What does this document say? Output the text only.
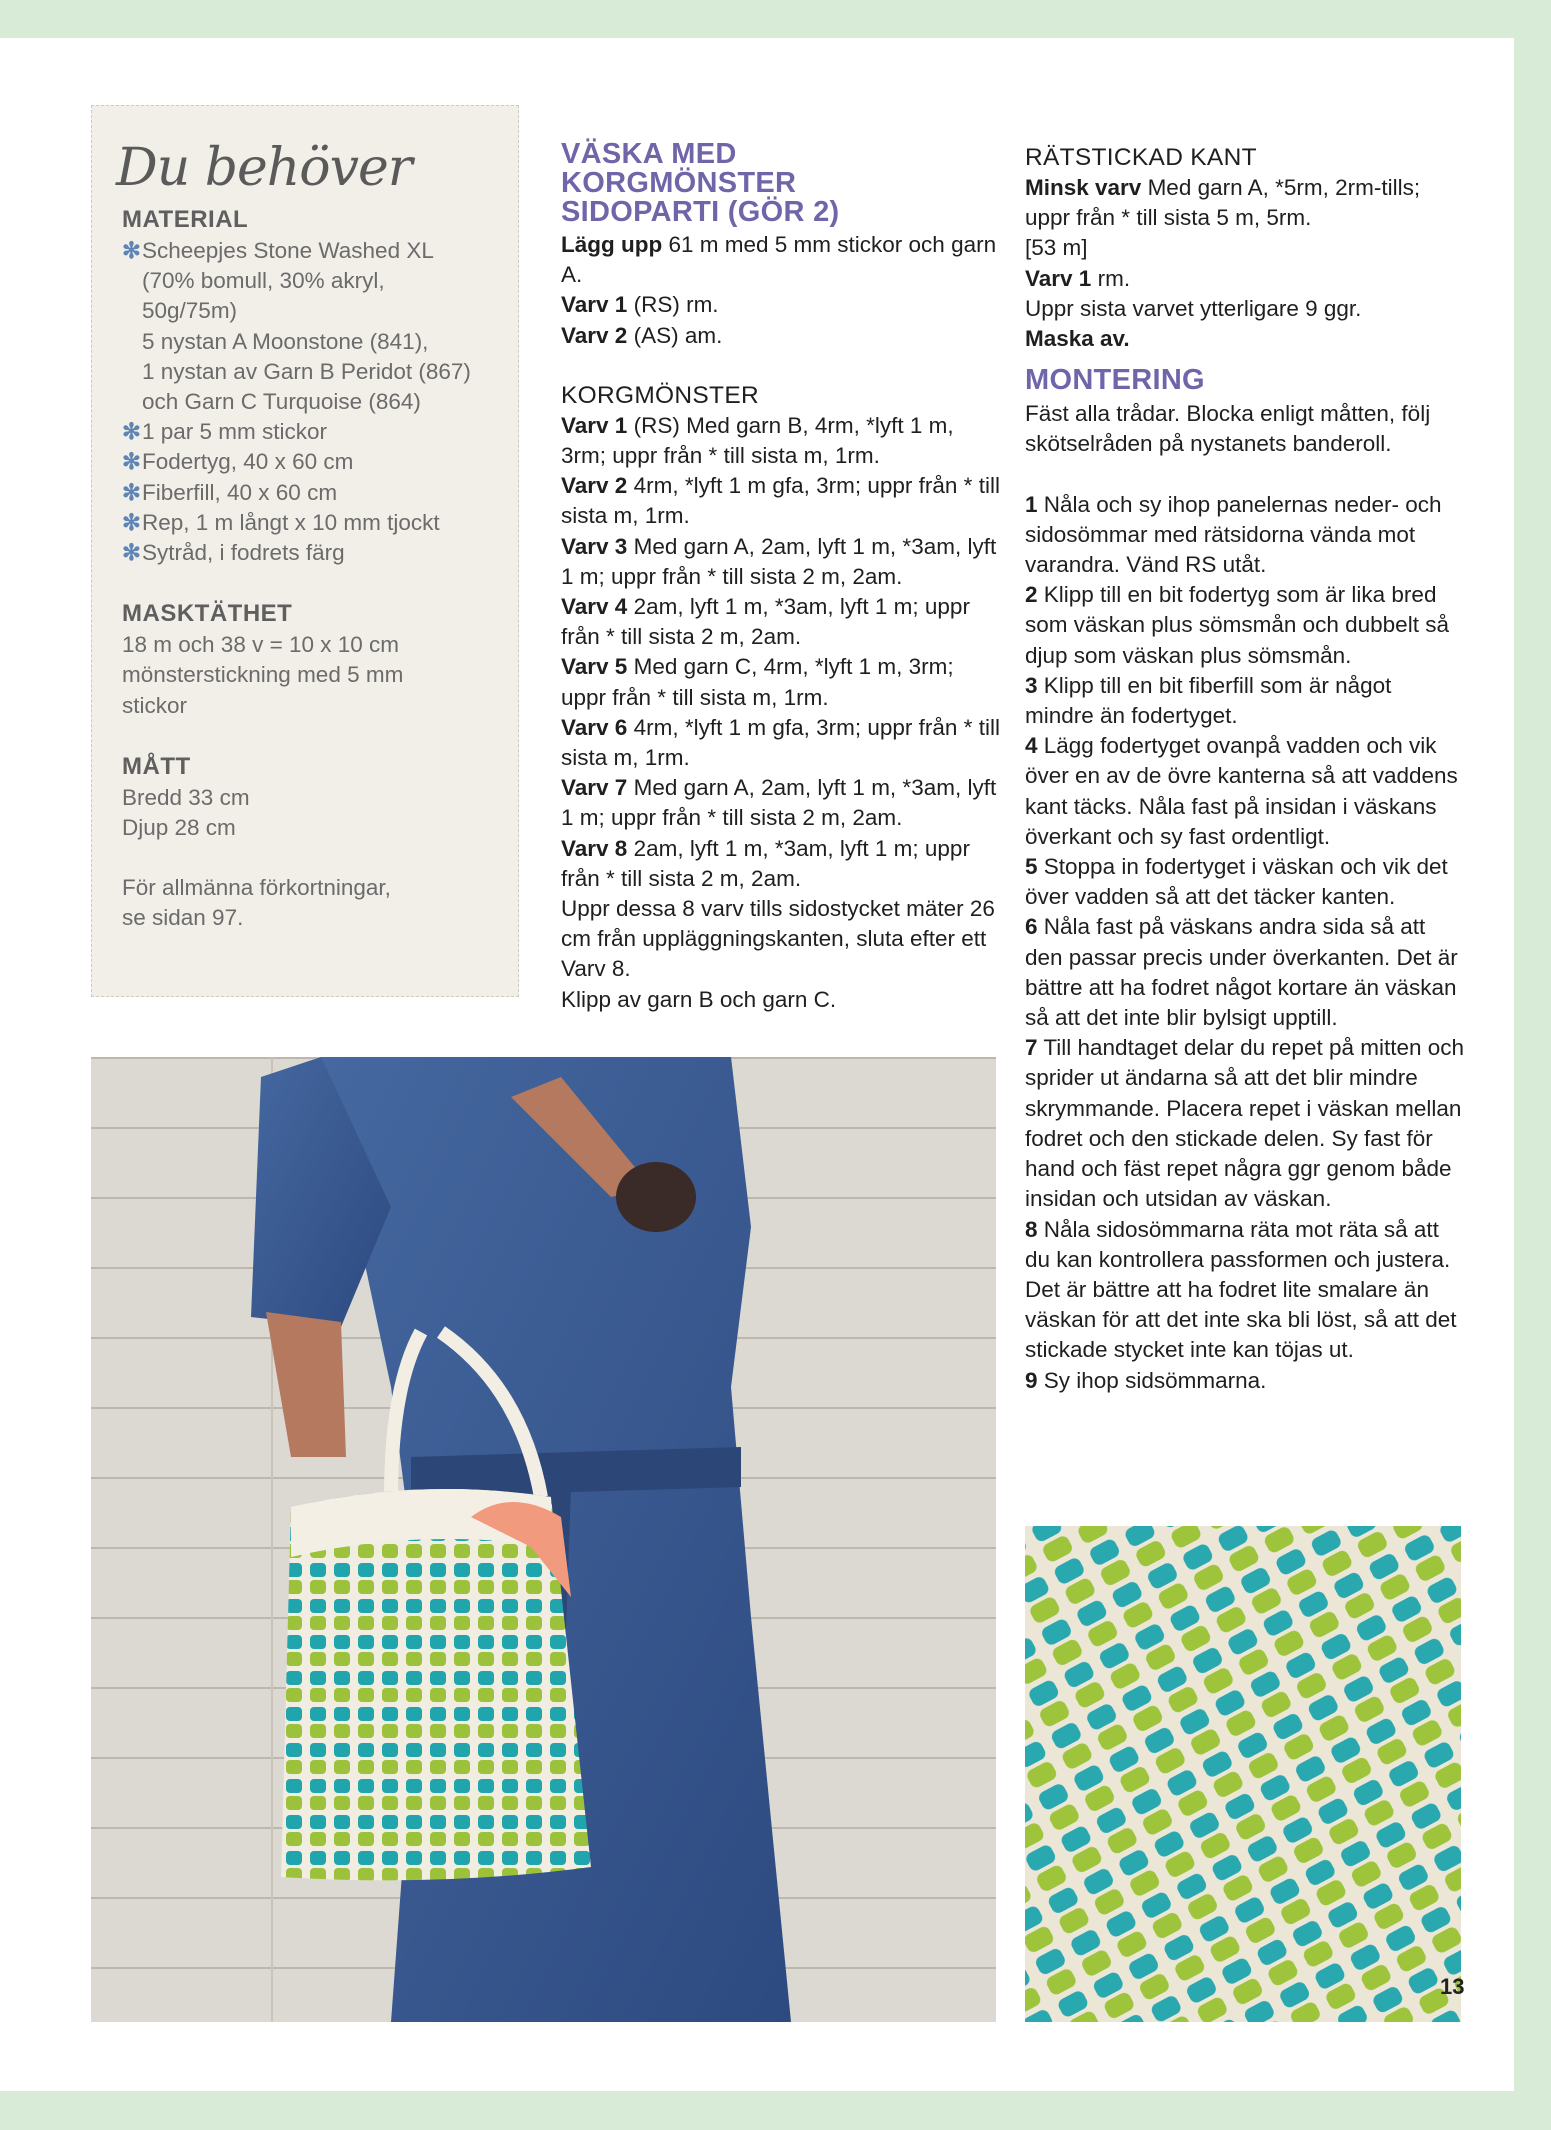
Du behöver
MATERIAL
✻ Scheepjes Stone Washed XL
(70% bomull, 30% akryl,
50g/75m)
5 nystan A Moonstone (841),
1 nystan av Garn B Peridot (867)
och Garn C Turquoise (864)
✻ 1 par 5 mm stickor
✻ Fodertyg, 40 x 60 cm
✻ Fiberfill, 40 x 60 cm
✻ Rep, 1 m långt x 10 mm tjockt
✻ Sytråd, i fodrets färg
MASKTÄTHET
18 m och 38 v = 10 x 10 cm
mönsterstickning med 5 mm
stickor
MÅTT
Bredd 33 cm
Djup 28 cm
För allmänna förkortningar,
se sidan 97.
VÄSKA MED
KORGMÖNSTER
SIDOPARTI (GÖR 2)
Lägg upp 61 m med 5 mm stickor och garn A.
Varv 1 (RS) rm.
Varv 2 (AS) am.
KORGMÖNSTER
Varv 1 (RS) Med garn B, 4rm, *lyft 1 m, 3rm; uppr från * till sista m, 1rm.
Varv 2 4rm, *lyft 1 m gfa, 3rm; uppr från * till sista m, 1rm.
Varv 3 Med garn A, 2am, lyft 1 m, *3am, lyft 1 m; uppr från * till sista 2 m, 2am.
Varv 4 2am, lyft 1 m, *3am, lyft 1 m; uppr från * till sista 2 m, 2am.
Varv 5 Med garn C, 4rm, *lyft 1 m, 3rm; uppr från * till sista m, 1rm.
Varv 6 4rm, *lyft 1 m gfa, 3rm; uppr från * till sista m, 1rm.
Varv 7 Med garn A, 2am, lyft 1 m, *3am, lyft 1 m; uppr från * till sista 2 m, 2am.
Varv 8 2am, lyft 1 m, *3am, lyft 1 m; uppr från * till sista 2 m, 2am.
Uppr dessa 8 varv tills sidostycket mäter 26 cm från uppläggningskanten, sluta efter ett Varv 8.
Klipp av garn B och garn C.
RÄTSTICKAD KANT
Minsk varv Med garn A, *5rm, 2rm-tills; uppr från * till sista 5 m, 5rm.
[53 m]
Varv 1 rm.
Uppr sista varvet ytterligare 9 ggr.
Maska av.
MONTERING
Fäst alla trådar. Blocka enligt måtten, följ skötselråden på nystanets banderoll.
1 Nåla och sy ihop panelernas neder- och sidosömmar med rätsidorna vända mot varandra. Vänd RS utåt.
2 Klipp till en bit fodertyg som är lika bred som väskan plus sömsmån och dubbelt så djup som väskan plus sömsmån.
3 Klipp till en bit fiberfill som är något mindre än fodertyget.
4 Lägg fodertyget ovanpå vadden och vik över en av de övre kanterna så att vaddens kant täcks. Nåla fast på insidan i väskans överkant och sy fast ordentligt.
5 Stoppa in fodertyget i väskan och vik det över vadden så att det täcker kanten.
6 Nåla fast på väskans andra sida så att den passar precis under överkanten. Det är bättre att ha fodret något kortare än väskan så att det inte blir bylsigt upptill.
7 Till handtaget delar du repet på mitten och sprider ut ändarna så att det blir mindre skrymmande. Placera repet i väskan mellan fodret och den stickade delen. Sy fast för hand och fäst repet några ggr genom både insidan och utsidan av väskan.
8 Nåla sidosömmarna räta mot räta så att du kan kontrollera passformen och justera. Det är bättre att ha fodret lite smalare än väskan för att det inte ska bli löst, så att det stickade stycket inte kan töjas ut.
9 Sy ihop sidsömmarna.
13
